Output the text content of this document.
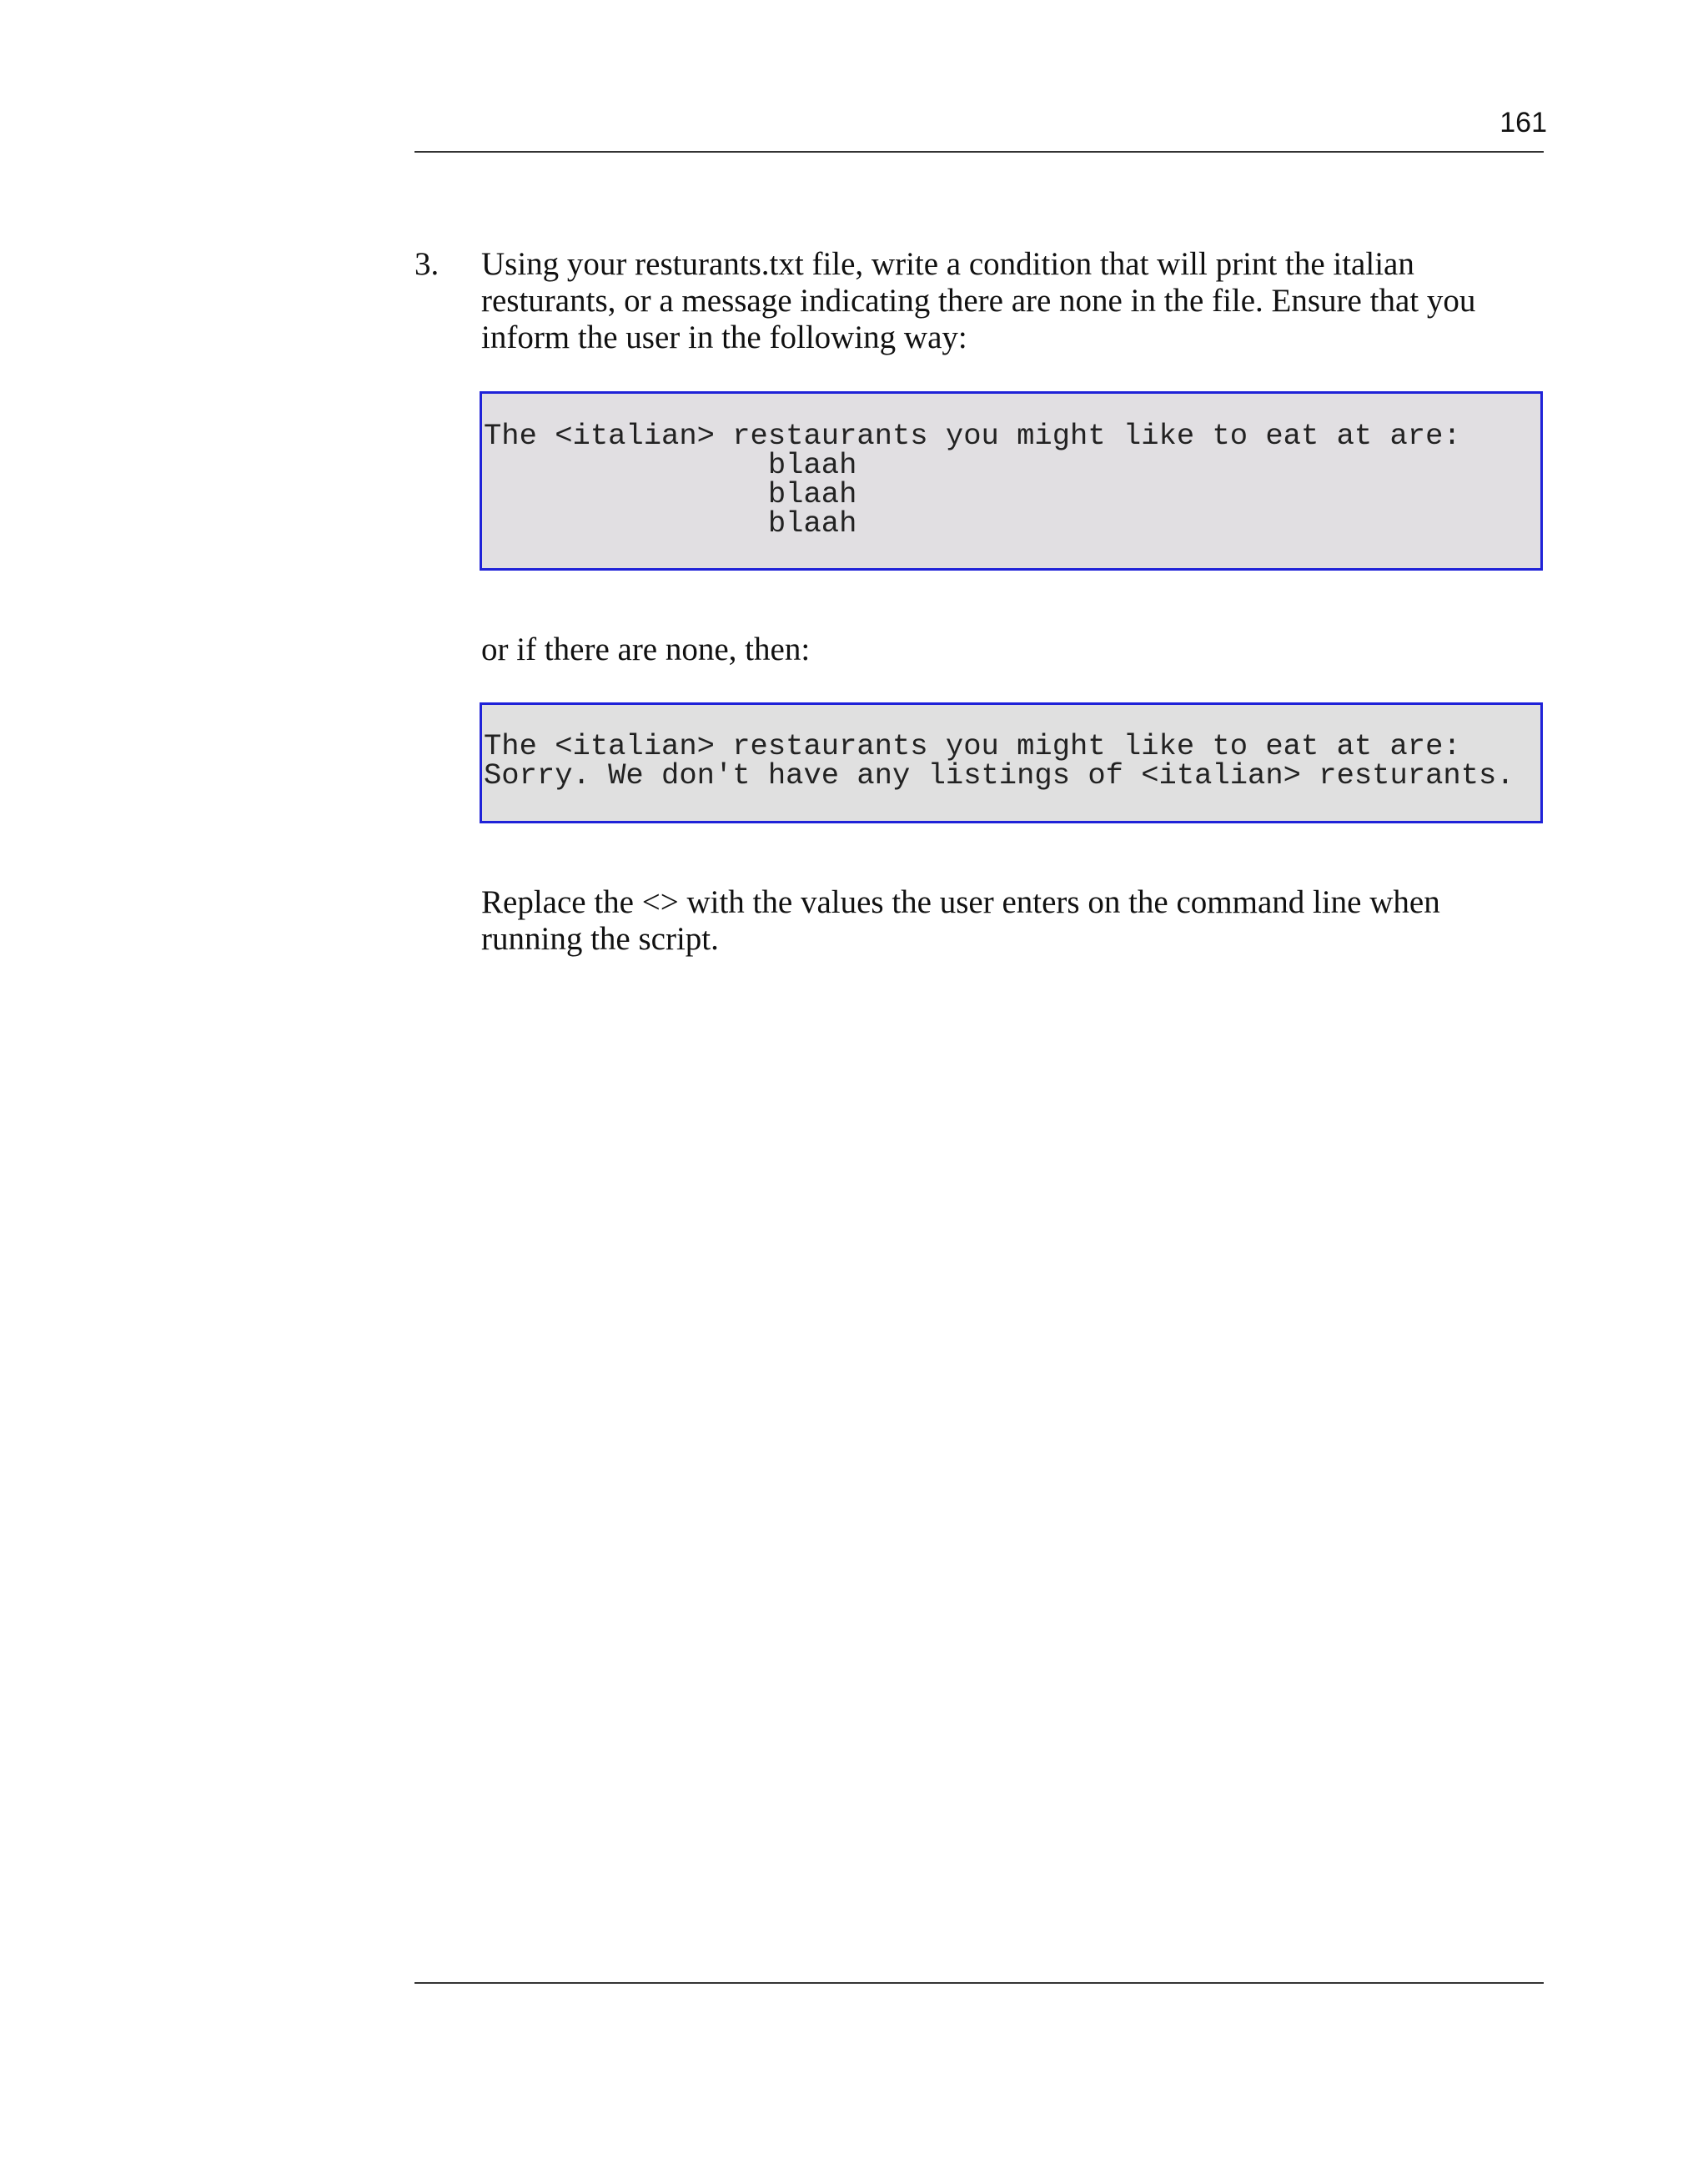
161
3. Using your resturants.txt file, write a condition that will print the italian
resturants, or a message indicating there are none in the file. Ensure that you
inform the user in the following way:
The <italian> restaurants you might like to eat at are:
blaah
blaah
blaah
or if there are none, then:
The <italian> restaurants you might like to eat at are:
Sorry. We don't have any listings of <italian> resturants.
Replace the <> with the values the user enters on the command line when
running the script.
